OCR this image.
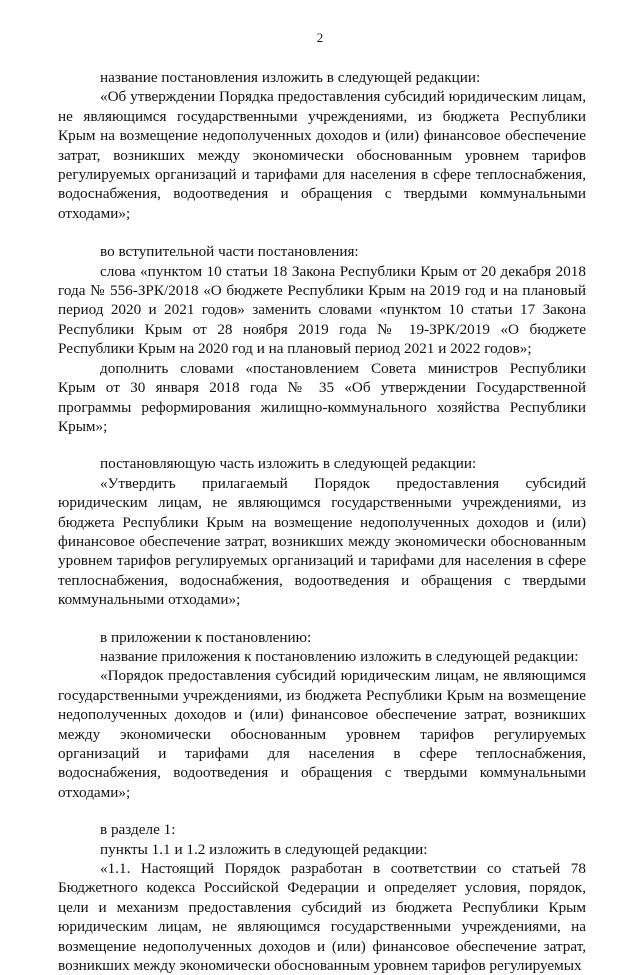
2

название постановления изложить в следующей редакции:

«Об утверждении Порядка предоставления субсидий юридическим лицам, не являющимся государственными учреждениями, из бюджета Республики Крым на возмещение недополученных доходов и (или) финансовое обеспечение затрат, возникших между экономически обоснованным уровнем тарифов регулируемых организаций и тарифами для населения в сфере теплоснабжения, водоснабжения, водоотведения и обращения с твердыми коммунальными отходами»;

во вступительной части постановления:

слова «пунктом 10 статьи 18 Закона Республики Крым от 20 декабря 2018 года № 556-ЗРК/2018 «О бюджете Республики Крым на 2019 год и на плановый период 2020 и 2021 годов» заменить словами «пунктом 10 статьи 17 Закона Республики Крым от 28 ноября 2019 года № 19-ЗРК/2019 «О бюджете Республики Крым на 2020 год и на плановый период 2021 и 2022 годов»;

дополнить словами «постановлением Совета министров Республики Крым от 30 января 2018 года № 35 «Об утверждении Государственной программы реформирования жилищно-коммунального хозяйства Республики Крым»;

постановляющую часть изложить в следующей редакции:

«Утвердить прилагаемый Порядок предоставления субсидий юридическим лицам, не являющимся государственными учреждениями, из бюджета Республики Крым на возмещение недополученных доходов и (или) финансовое обеспечение затрат, возникших между экономически обоснованным уровнем тарифов регулируемых организаций и тарифами для населения в сфере теплоснабжения, водоснабжения, водоотведения и обращения с твердыми коммунальными отходами»;

в приложении к постановлению:

название приложения к постановлению изложить в следующей редакции:

«Порядок предоставления субсидий юридическим лицам, не являющимся государственными учреждениями, из бюджета Республики Крым на возмещение недополученных доходов и (или) финансовое обеспечение затрат, возникших между экономически обоснованным уровнем тарифов регулируемых организаций и тарифами для населения в сфере теплоснабжения, водоснабжения, водоотведения и обращения с твердыми коммунальными отходами»;

в разделе 1:

пункты 1.1 и 1.2 изложить в следующей редакции:

«1.1. Настоящий Порядок разработан в соответствии со статьей 78 Бюджетного кодекса Российской Федерации и определяет условия, порядок, цели и механизм предоставления субсидий из бюджета Республики Крым юридическим лицам, не являющимся государственными учреждениями, на возмещение недополученных доходов и (или) финансовое обеспечение затрат, возникших между экономически обоснованным уровнем тарифов регулируемых
